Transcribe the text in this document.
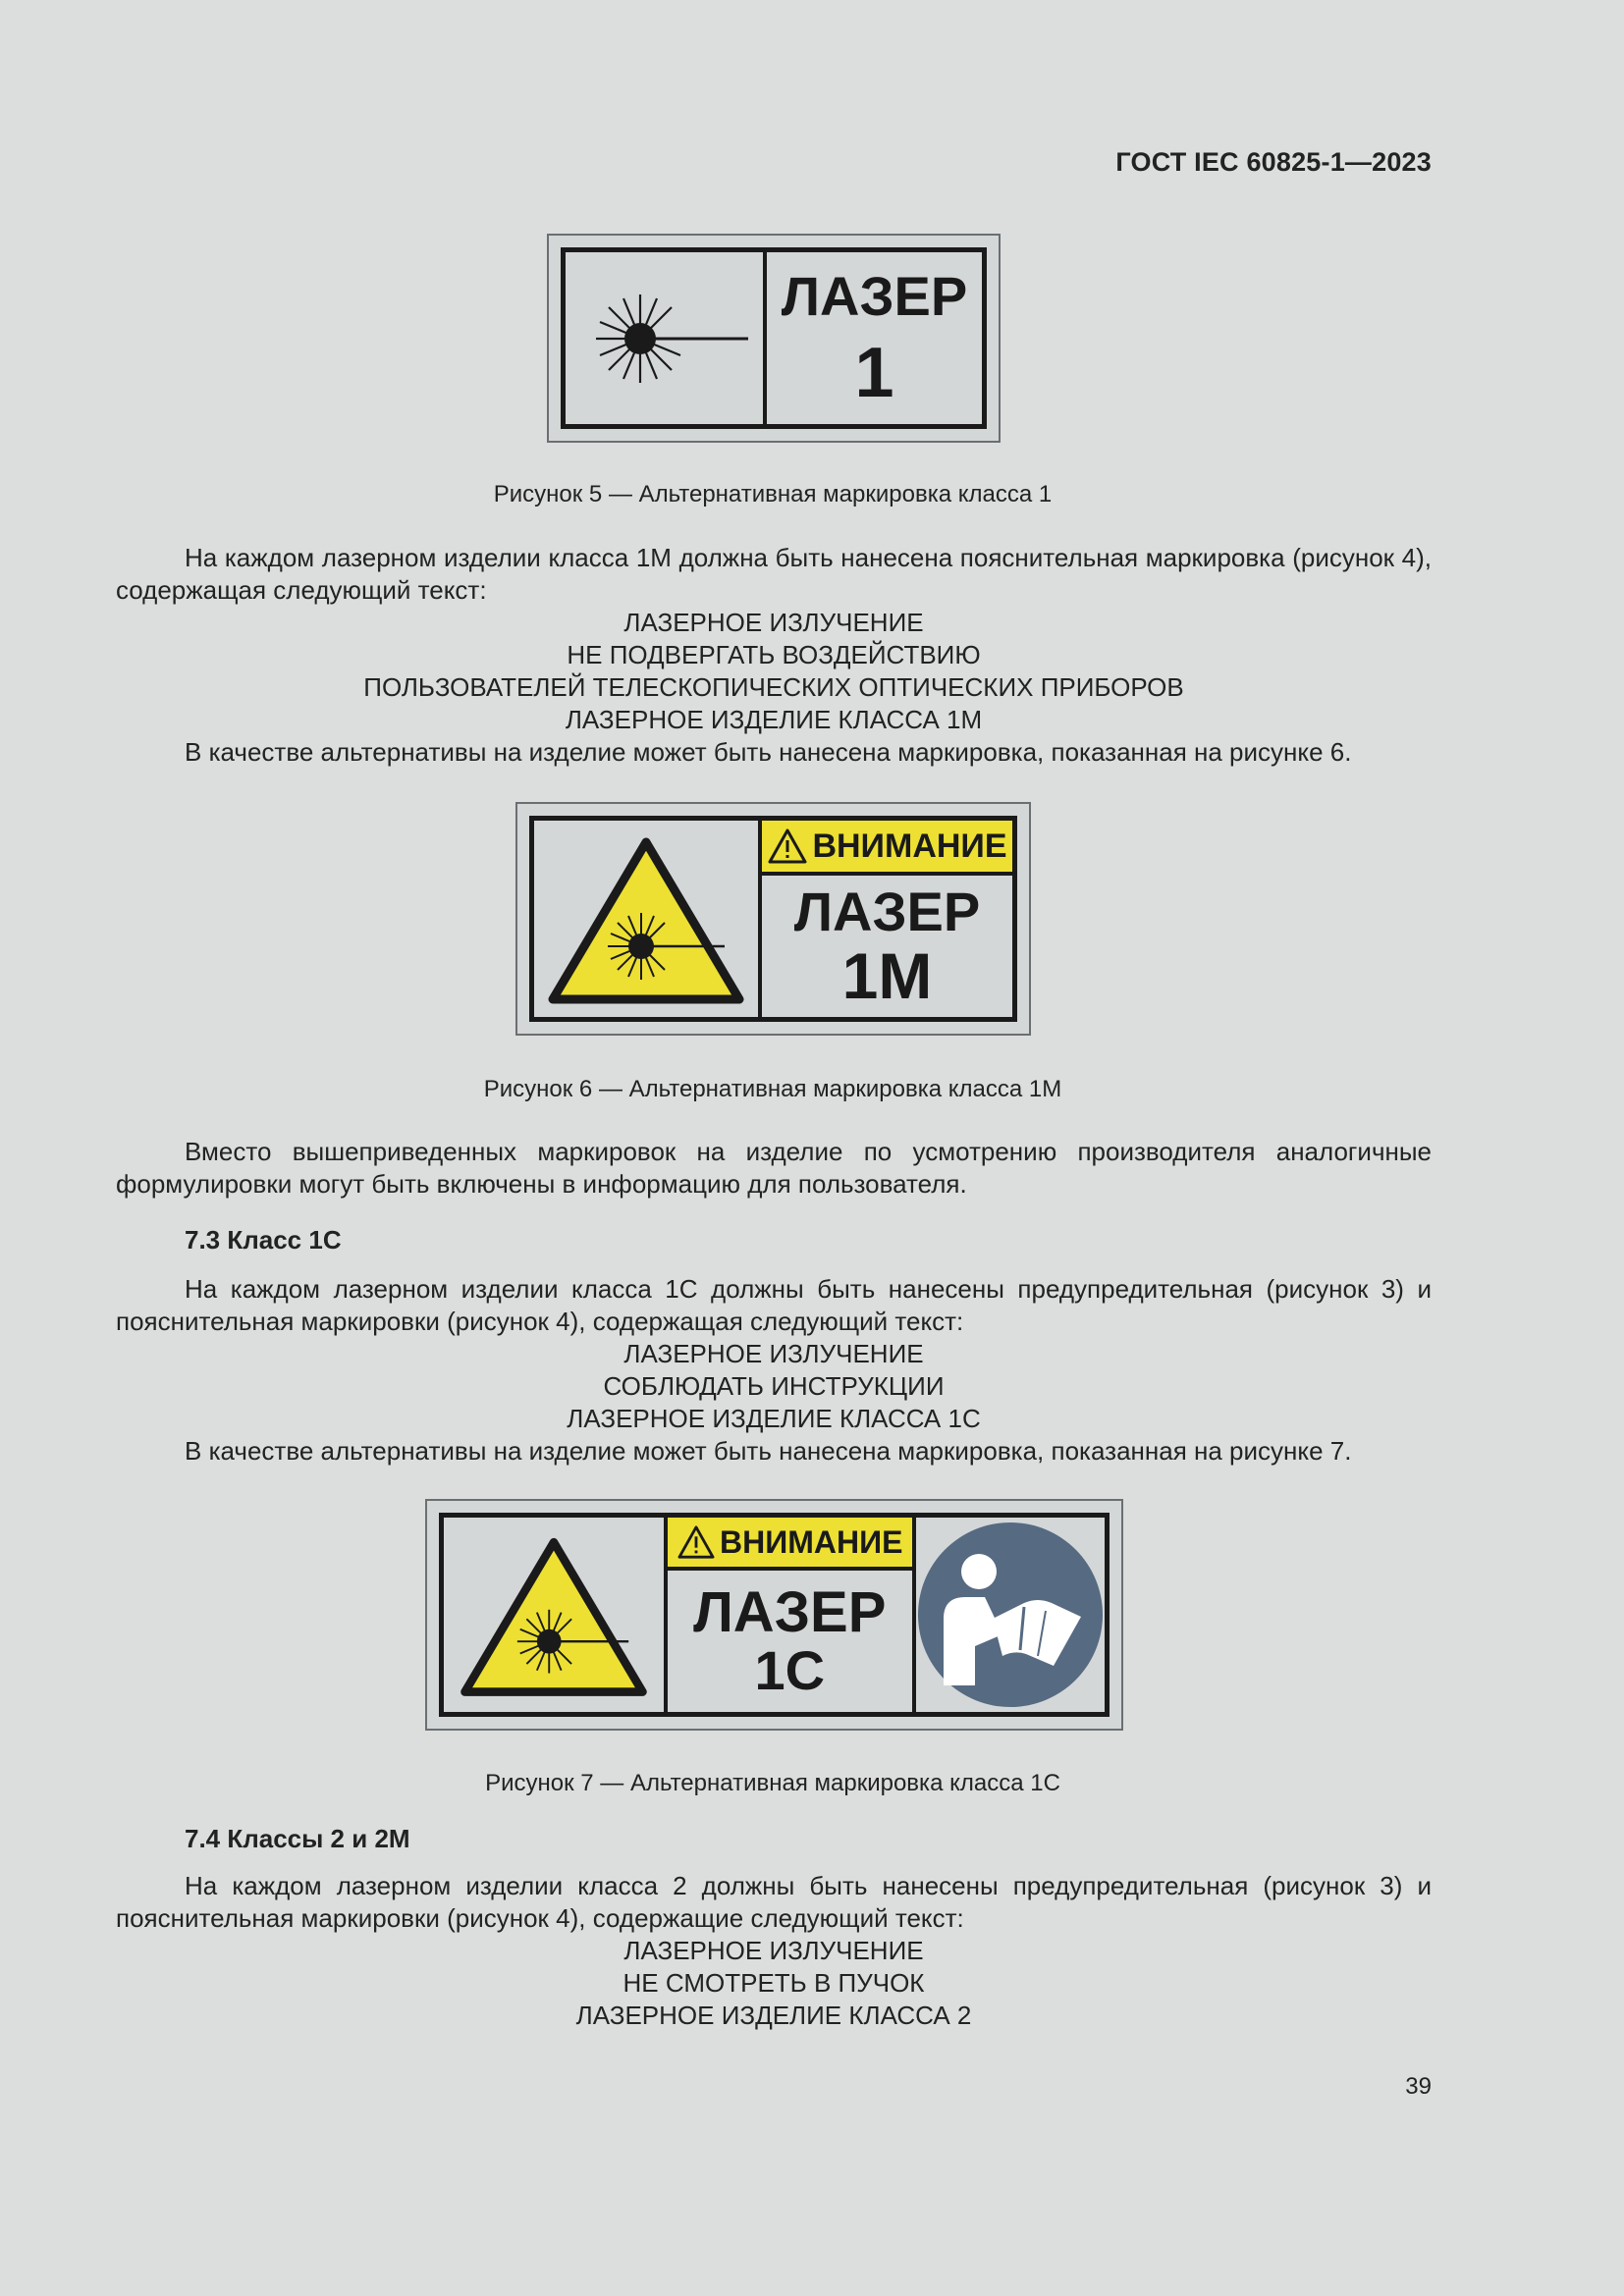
ГОСТ IEC 60825-1—2023
ЛАЗЕР
1
Рисунок 5 — Альтернативная маркировка класса 1

На каждом лазерном изделии класса 1M должна быть нанесена пояснительная маркировка (рисунок 4), содержащая следующий текст:

ЛАЗЕРНОЕ ИЗЛУЧЕНИЕ

НЕ ПОДВЕРГАТЬ ВОЗДЕЙСТВИЮ

ПОЛЬЗОВАТЕЛЕЙ ТЕЛЕСКОПИЧЕСКИХ ОПТИЧЕСКИХ ПРИБОРОВ

ЛАЗЕРНОЕ ИЗДЕЛИЕ КЛАССА 1M

В качестве альтернативы на изделие может быть нанесена маркировка, показанная на рисунке 6.

ВНИМАНИЕ
ЛАЗЕР
1M
Рисунок 6 — Альтернативная маркировка класса 1M

Вместо вышеприведенных маркировок на изделие по усмотрению производителя аналогичные формулировки могут быть включены в информацию для пользователя.

7.3 Класс 1С

На каждом лазерном изделии класса 1С должны быть нанесены предупредительная (рисунок 3) и пояснительная маркировки (рисунок 4), содержащая следующий текст:

ЛАЗЕРНОЕ ИЗЛУЧЕНИЕ

СОБЛЮДАТЬ ИНСТРУКЦИИ

ЛАЗЕРНОЕ ИЗДЕЛИЕ КЛАССА 1С

В качестве альтернативы на изделие может быть нанесена маркировка, показанная на рисунке 7.

ВНИМАНИЕ
ЛАЗЕР
1С
Рисунок 7 — Альтернативная маркировка класса 1С
7.4 Классы 2 и 2М

На каждом лазерном изделии класса 2 должны быть нанесены предупредительная (рисунок 3) и пояснительная маркировки (рисунок 4), содержащие следующий текст:

ЛАЗЕРНОЕ ИЗЛУЧЕНИЕ

НЕ СМОТРЕТЬ В ПУЧОК

ЛАЗЕРНОЕ ИЗДЕЛИЕ КЛАССА 2

39
